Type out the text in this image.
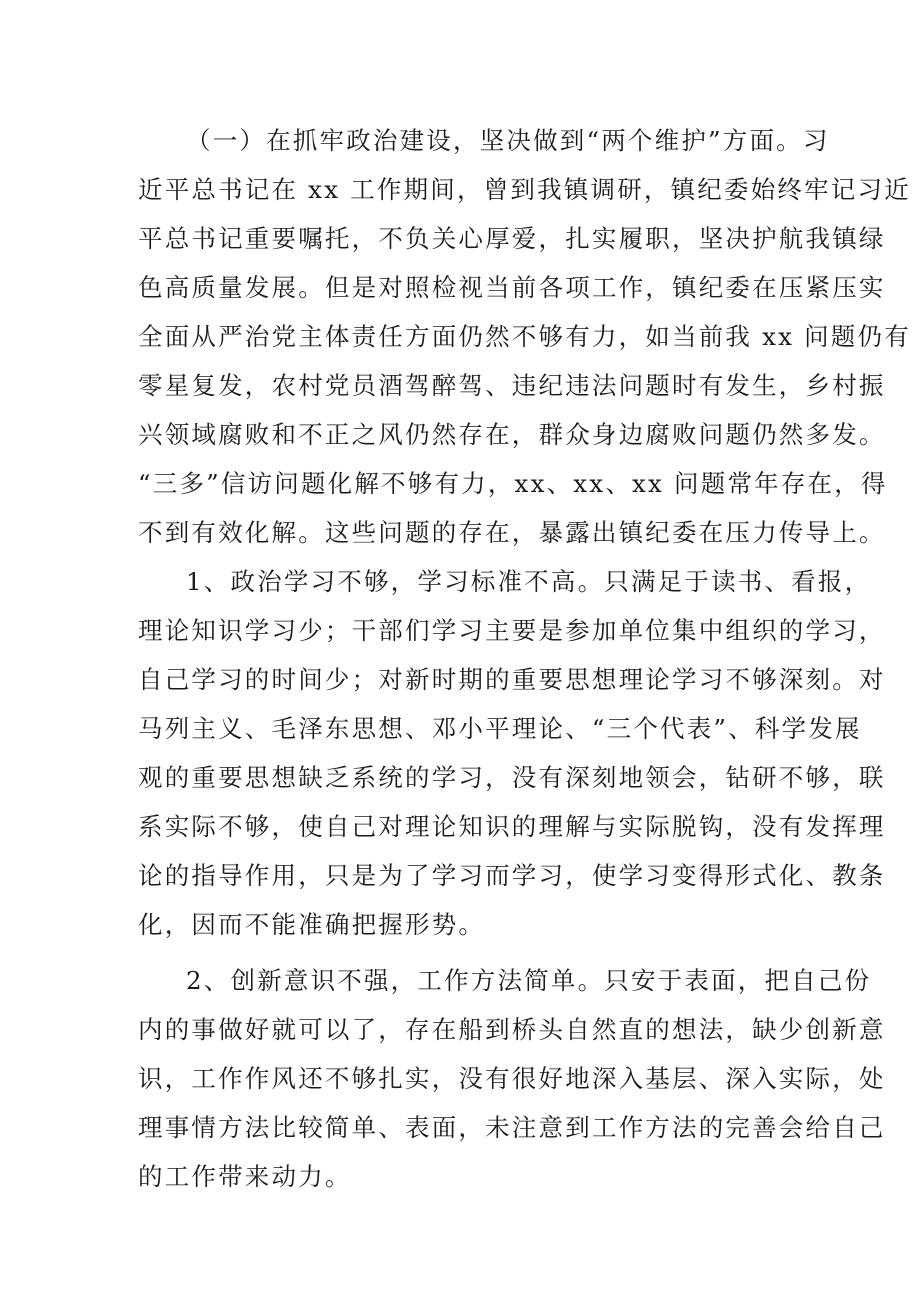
（一）在抓牢政治建设，坚决做到“两个维护”方面。习
近平总书记在 xx 工作期间，曾到我镇调研，镇纪委始终牢记习近
平总书记重要嘱托，不负关心厚爱，扎实履职，坚决护航我镇绿
色高质量发展。但是对照检视当前各项工作，镇纪委在压紧压实
全面从严治党主体责任方面仍然不够有力，如当前我 xx 问题仍有
零星复发，农村党员酒驾醉驾、违纪违法问题时有发生，乡村振
兴领域腐败和不正之风仍然存在，群众身边腐败问题仍然多发。
“三多”信访问题化解不够有力，xx、xx、xx 问题常年存在，得
不到有效化解。这些问题的存在，暴露出镇纪委在压力传导上。
1、政治学习不够，学习标准不高。只满足于读书、看报，
理论知识学习少；干部们学习主要是参加单位集中组织的学习，
自己学习的时间少；对新时期的重要思想理论学习不够深刻。对
马列主义、毛泽东思想、邓小平理论、“三个代表”、科学发展
观的重要思想缺乏系统的学习，没有深刻地领会，钻研不够，联
系实际不够，使自己对理论知识的理解与实际脱钩，没有发挥理
论的指导作用，只是为了学习而学习，使学习变得形式化、教条
化，因而不能准确把握形势。
2、创新意识不强，工作方法简单。只安于表面，把自己份
内的事做好就可以了，存在船到桥头自然直的想法，缺少创新意
识，工作作风还不够扎实，没有很好地深入基层、深入实际，处
理事情方法比较简单、表面，未注意到工作方法的完善会给自己
的工作带来动力。
